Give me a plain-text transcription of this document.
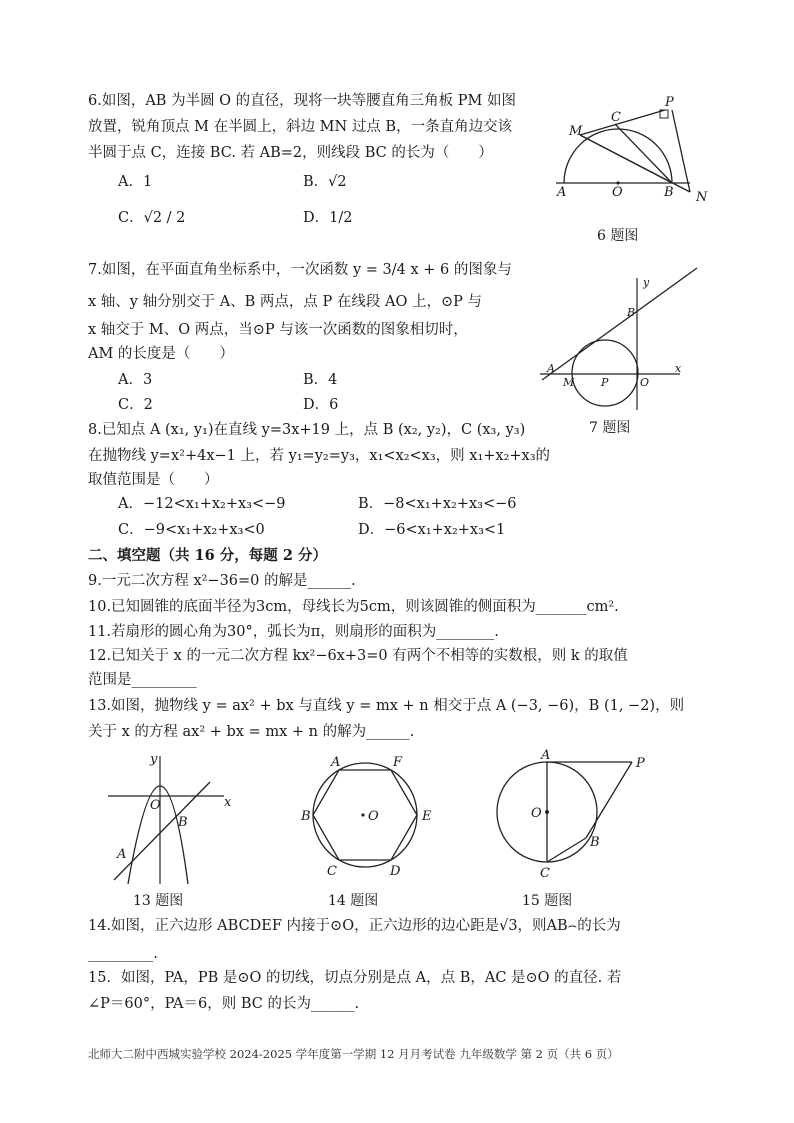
6.如图，AB 为半圆 O 的直径，现将一块等腰直角三角板 PM 如图
放置，锐角顶点 M 在半圆上，斜边 MN 过点 B，一条直角边交该
半圆于点 C，连接 BC. 若 AB=2，则线段 BC 的长为（　　）
A．1	B．√2
C．√2 / 2	D．1/2
P
C
M
A	O	B N
6 题图
7.如图，在平面直角坐标系中，一次函数 y = 3/4 x + 6 的图象与
x 轴、y 轴分别交于 A、B 两点，点 P 在线段 AO 上，⊙P 与
x 轴交于 M、O 两点，当⊙P 与该一次函数的图象相切时，
AM 的长度是（　　）
A．3	B．4
C．2	D．6
y
B
A
M P	O
x
7 题图
8.已知点 A (x₁, y₁)在直线 y=3x+19 上，点 B (x₂, y₂)，C (x₃, y₃)
在抛物线 y=x²+4x−1 上，若 y₁=y₂=y₃，x₁<x₂<x₃，则 x₁+x₂+x₃的
取值范围是（　　）
A．−12<x₁+x₂+x₃<−9	B．−8<x₁+x₂+x₃<−6
C．−9<x₁+x₂+x₃<0	D．−6<x₁+x₂+x₃<1
二、填空题（共 16 分，每题 2 分）
9.一元二次方程 x²−36=0 的解是______.
10.已知圆锥的底面半径为3cm，母线长为5cm，则该圆锥的侧面积为_______cm².
11.若扇形的圆心角为30°，弧长为π，则扇形的面积为________.
12.已知关于 x 的一元二次方程 kx²−6x+3=0 有两个不相等的实数根，则 k 的取值
范围是_________
13.如图，抛物线 y = ax² + bx 与直线 y = mx + n 相交于点 A (−3, −6)，B (1, −2)，则
关于 x 的方程 ax² + bx = mx + n 的解为______.
y
O	x
B
A
13 题图
A	F
B	O	E
C	D
14 题图
A
P
O
B
C
15 题图
14.如图，正六边形 ABCDEF 内接于⊙O，正六边形的边心距是√3，则AB⌢的长为
_________.
15．如图，PA，PB 是⊙O 的切线，切点分别是点 A，点 B，AC 是⊙O 的直径. 若
∠P＝60°，PA＝6，则 BC 的长为______.
北师大二附中西城实验学校 2024-2025 学年度第一学期 12 月月考试卷 九年级数学 第 2 页（共 6 页）
